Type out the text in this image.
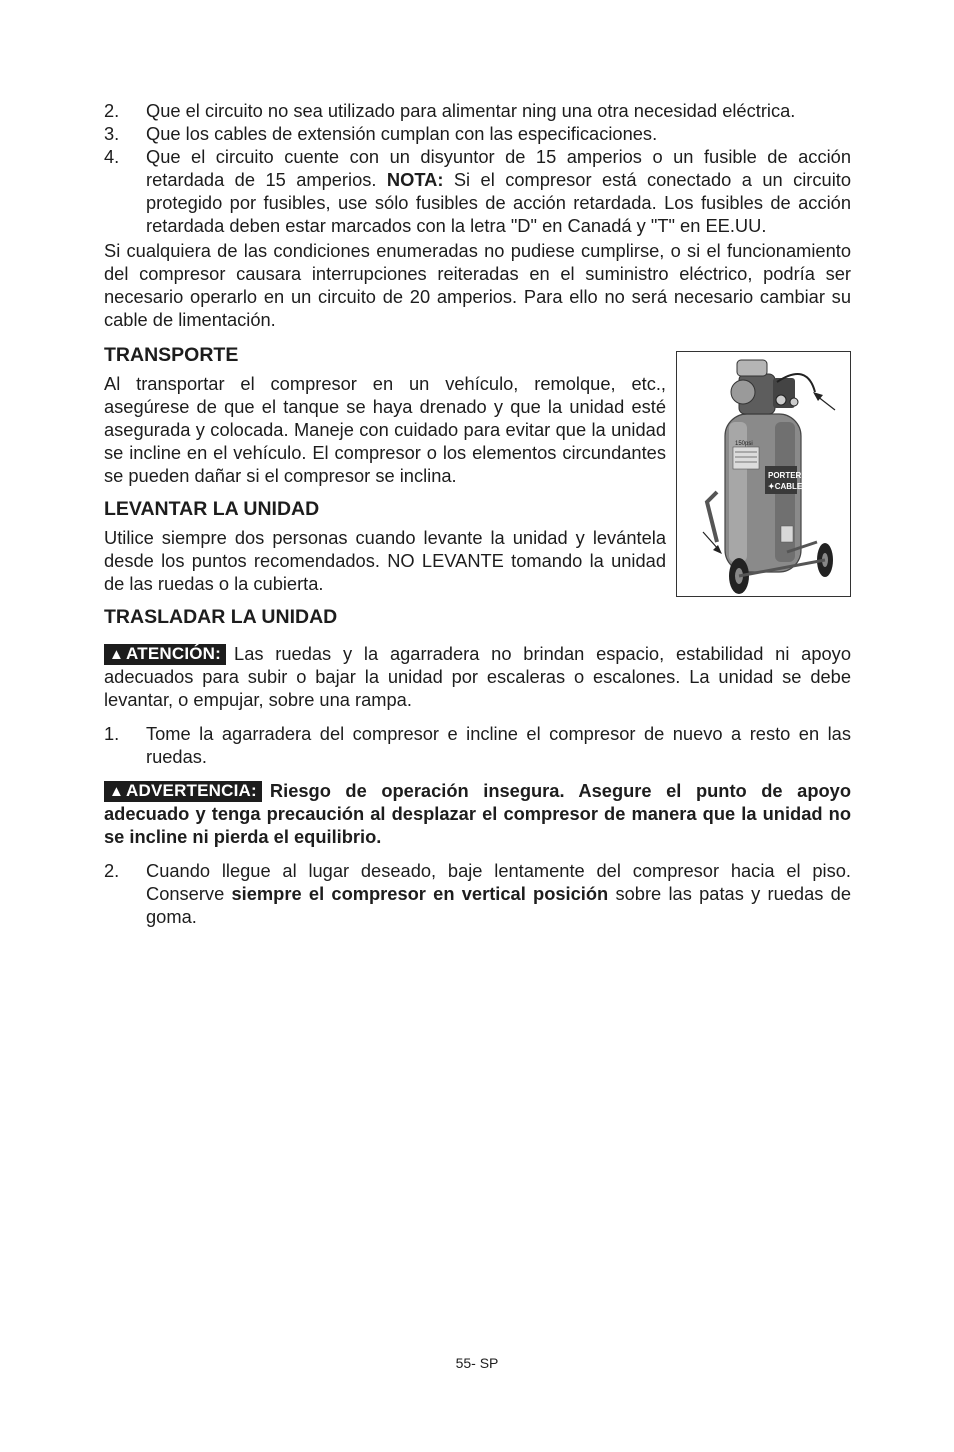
2.	Que el circuito no sea utilizado para alimentar ning una otra necesidad eléctrica.
3.	Que los cables de extensión cumplan con las especificaciones.
4.	Que el circuito cuente con un disyuntor de 15 amperios o un fusible de acción retardada de 15 amperios. NOTA: Si el compresor está conectado a un circuito protegido por fusibles, use sólo fusibles de acción retardada. Los fusibles de acción retardada deben estar marcados con la letra "D" en Canadá y "T" en EE.UU.

Si cualquiera de las condiciones enumeradas no pudiese cumplirse, o si el funcionamiento del compresor causara interrupciones reiteradas en el suministro eléctrico, podría ser necesario operarlo en un circuito de 20 amperios. Para ello no será necesario cambiar su cable de limentación.

150psi
PORTER
✦CABLE
TRANSPORTE

Al transportar el compresor en un vehículo, remolque, etc., asegúrese de que el tanque se haya drenado y que la unidad esté asegurada y colocada. Maneje con cuidado para evitar que la unidad se incline en el vehículo. El compresor o los elementos circundantes se pueden dañar si el compresor se inclina.

LEVANTAR LA UNIDAD

Utilice siempre dos personas cuando levante la unidad y levántela desde los puntos recomendados. NO LEVANTE tomando la unidad de las ruedas o la cubierta.

TRASLADAR LA UNIDAD

▲ ATENCIÓN: Las ruedas y la agarradera no brindan espacio, estabilidad ni apoyo adecuados para subir o bajar la unidad por escaleras o escalones. La unidad se debe levantar, o empujar, sobre una rampa.

1.	Tome la agarradera del compresor e incline el compresor de nuevo a resto en las ruedas.

▲ ADVERTENCIA: Riesgo de operación insegura. Asegure el punto de apoyo adecuado y tenga precaución al desplazar el compresor de manera que la unidad no se incline ni pierda el equilibrio.

2.	Cuando llegue al lugar deseado, baje lentamente del compresor hacia el piso. Conserve siempre el compresor en vertical posición sobre las patas y ruedas de goma.
55- SP
